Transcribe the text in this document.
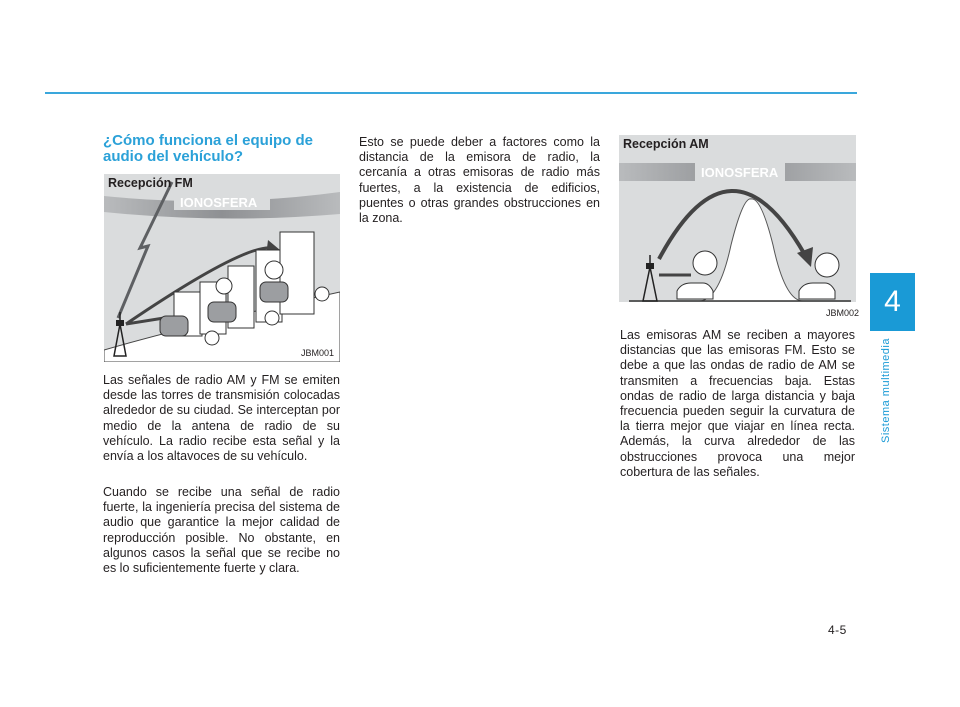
4
Sistema multimedia
¿Cómo funciona el equipo de audio del vehículo?
IONOSFERA
Recepción FM
JBM001
IONOSFERA
Recepción AM
JBM002

Las señales de radio AM y FM se emiten desde las torres de transmisión colocadas alrededor de su ciudad. Se interceptan por medio de la antena de radio de su vehículo. La radio recibe esta señal y la envía a los altavoces de su vehículo.

Cuando se recibe una señal de radio fuerte, la ingeniería precisa del sistema de audio que garantice la mejor calidad de reproducción posible. No obstante, en algunos casos la señal que se recibe no es lo suficientemente fuerte y clara.

Esto se puede deber a factores como la distancia de la emisora de radio, la cercanía a otras emisoras de radio más fuertes, a la existencia de edificios, puentes o otras grandes obstrucciones en la zona.

Las emisoras AM se reciben a mayores distancias que las emisoras FM. Esto se debe a que las ondas de radio de AM se transmiten a frecuencias baja. Estas ondas de radio de larga distancia y baja frecuencia pueden seguir la curvatura de la tierra mejor que viajar en línea recta. Además, la curva alrededor de las obstrucciones provoca una mejor cobertura de las señales.

4-5
